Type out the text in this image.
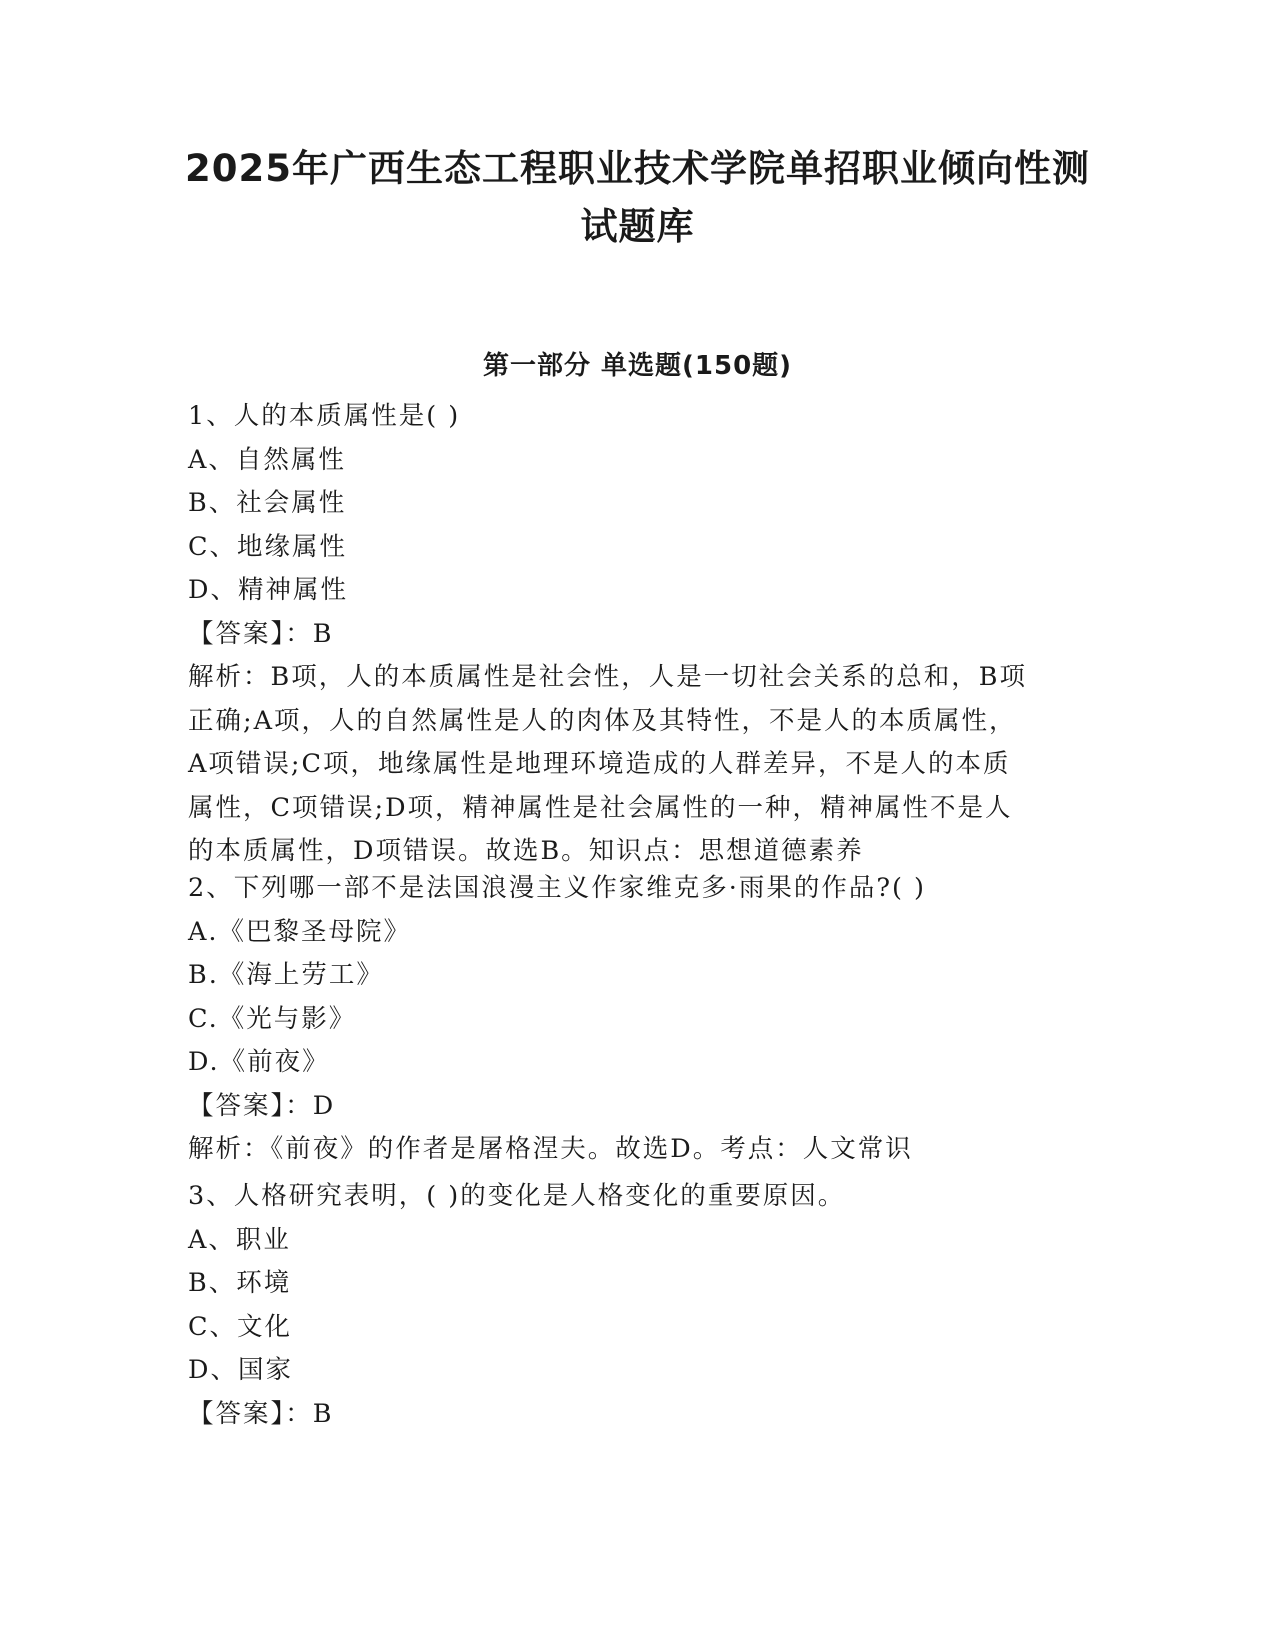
2025年广西生态工程职业技术学院单招职业倾向性测
试题库
第一部分 单选题(150题)
1、人的本质属性是( )
A、自然属性
B、社会属性
C、地缘属性
D、精神属性
【答案】：B
解析：B项，人的本质属性是社会性，人是一切社会关系的总和，B项
正确;A项，人的自然属性是人的肉体及其特性，不是人的本质属性，
A项错误;C项，地缘属性是地理环境造成的人群差异，不是人的本质
属性，C项错误;D项，精神属性是社会属性的一种，精神属性不是人
的本质属性，D项错误。故选B。知识点：思想道德素养
2、下列哪一部不是法国浪漫主义作家维克多·雨果的作品?( )
A.《巴黎圣母院》
B.《海上劳工》
C.《光与影》
D.《前夜》
【答案】：D
解析：《前夜》的作者是屠格涅夫。故选D。考点：人文常识
3、人格研究表明，( )的变化是人格变化的重要原因。
A、职业
B、环境
C、文化
D、国家
【答案】：B
